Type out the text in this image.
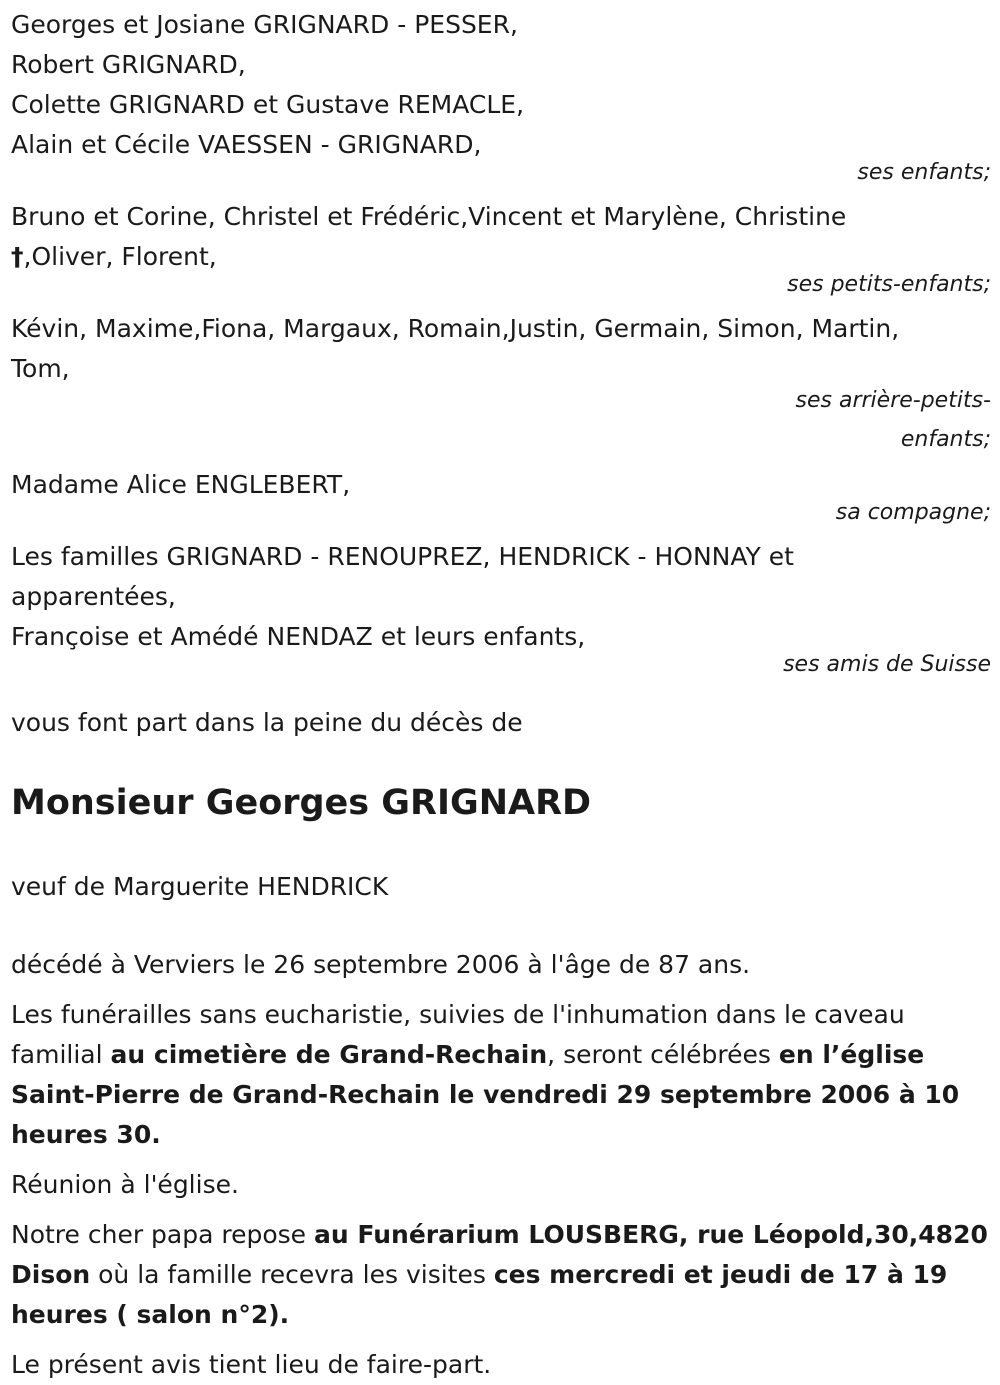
Georges et Josiane GRIGNARD - PESSER,
Robert GRIGNARD,
Colette GRIGNARD et Gustave REMACLE,
Alain et Cécile VAESSEN - GRIGNARD,
ses enfants;
Bruno et Corine, Christel et Frédéric,Vincent et Marylène, Christine
†,Oliver, Florent,
ses petits-enfants;
Kévin, Maxime,Fiona, Margaux, Romain,Justin, Germain, Simon, Martin,
Tom,
ses arrière-petits-
enfants;
Madame Alice ENGLEBERT,
sa compagne;
Les familles GRIGNARD - RENOUPREZ, HENDRICK - HONNAY et
apparentées,
Françoise et Amédé NENDAZ et leurs enfants,
ses amis de Suisse
vous font part dans la peine du décès de
Monsieur Georges GRIGNARD
veuf de Marguerite HENDRICK
décédé à Verviers le 26 septembre 2006 à l'âge de 87 ans.
Les funérailles sans eucharistie, suivies de l'inhumation dans le caveau familial au cimetière de Grand-Rechain, seront célébrées en l’église Saint-Pierre de Grand-Rechain le vendredi 29 septembre 2006 à 10 heures 30.
Réunion à l'église.
Notre cher papa repose au Funérarium LOUSBERG, rue Léopold,30,4820 Dison où la famille recevra les visites ces mercredi et jeudi de 17 à 19 heures ( salon n°2).
Le présent avis tient lieu de faire-part.
